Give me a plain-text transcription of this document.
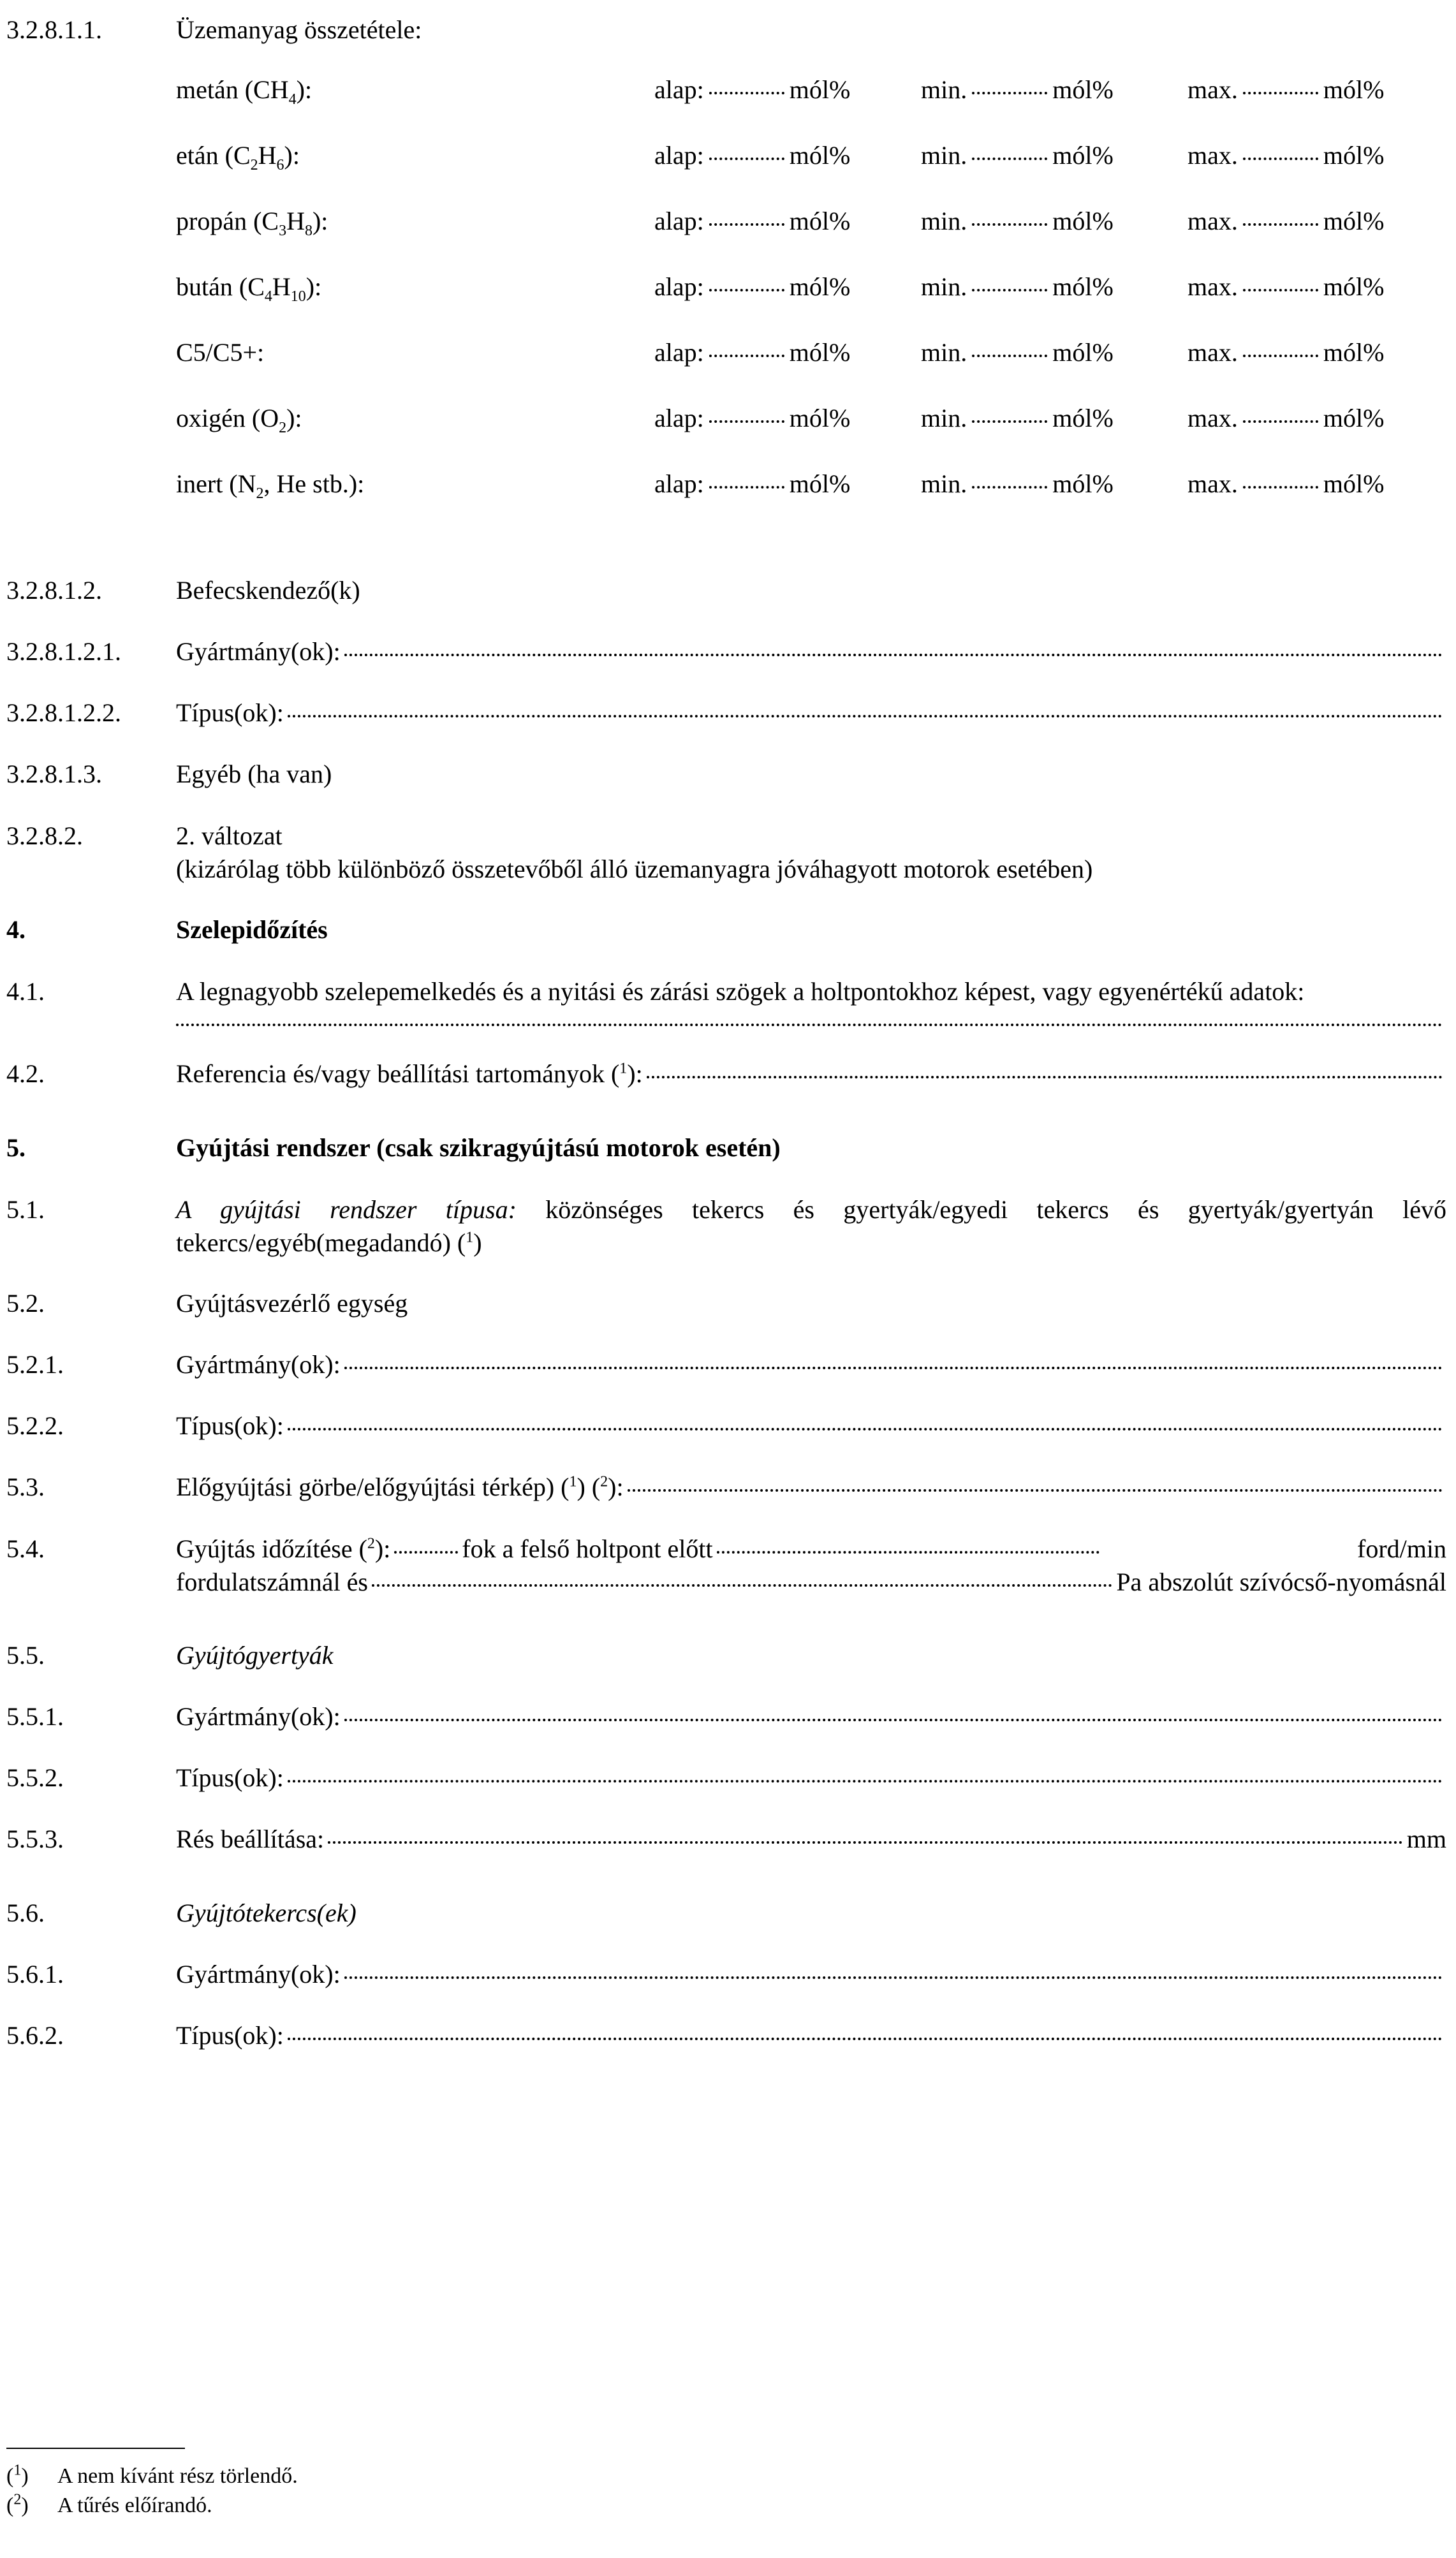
3.2.8.1.1.	Üzemanyag összetétele:
metán $(CH_4)$:	alap:	mól%	min.	mól%	max.	mól%
etán $(C_2H_6)$:	alap:	mól%	min.	mól%	max.	mól%
propán $(C_3H_8)$:	alap:	mól%	min.	mól%	max.	mól%
bután $(C_4H_{10})$:	alap:	mól%	min.	mól%	max.	mól%
C5/C5+:	alap:	mól%	min.	mól%	max.	mól%
oxigén $(O_2)$:	alap:	mól%	min.	mól%	max.	mól%
inert ($N_2$, He stb.):	alap:	mól%	min.	mól%	max.	mól%
3.2.8.1.2.	Befecskendező(k)
3.2.8.1.2.1.	Gyártmány(ok):
3.2.8.1.2.2.	Típus(ok):
3.2.8.1.3.	Egyéb (ha van)
3.2.8.2.	2. változat
(kizárólag több különböző összetevőből álló üzemanyagra jóváhagyott motorok esetében)
4.	Szelepidőzítés
4.1.	A legnagyobb szelepemelkedés és a nyitási és zárási szögek a holtpontokhoz képest, vagy egyenértékű adatok:
4.2.	Referencia és/vagy beállítási tartományok ($^1$):
5.	Gyújtási rendszer (csak szikragyújtású motorok esetén)
5.1.	A gyújtási rendszer típusa: közönséges tekercs és gyertyák/egyedi tekercs és gyertyák/gyertyán lévő tekercs/egyéb(megadandó) ($^1$)
5.2.	Gyújtásvezérlő egység
5.2.1.	Gyártmány(ok):
5.2.2.	Típus(ok):
5.3.	Előgyújtási görbe/előgyújtási térkép) ($^1$) ($^2$):
5.4.	Gyújtás időzítése ($^2$):	fok a felső holtpont előtt	ford/min
fordulatszámnál és	Pa abszolút szívócső-nyomásnál
5.5.	Gyújtógyertyák
5.5.1.	Gyártmány(ok):
5.5.2.	Típus(ok):
5.5.3.	Rés beállítása:	mm
5.6.	Gyújtótekercs(ek)
5.6.1.	Gyártmány(ok):
5.6.2.	Típus(ok):
($^1$)	A nem kívánt rész törlendő.
($^2$)	A tűrés előírandó.
